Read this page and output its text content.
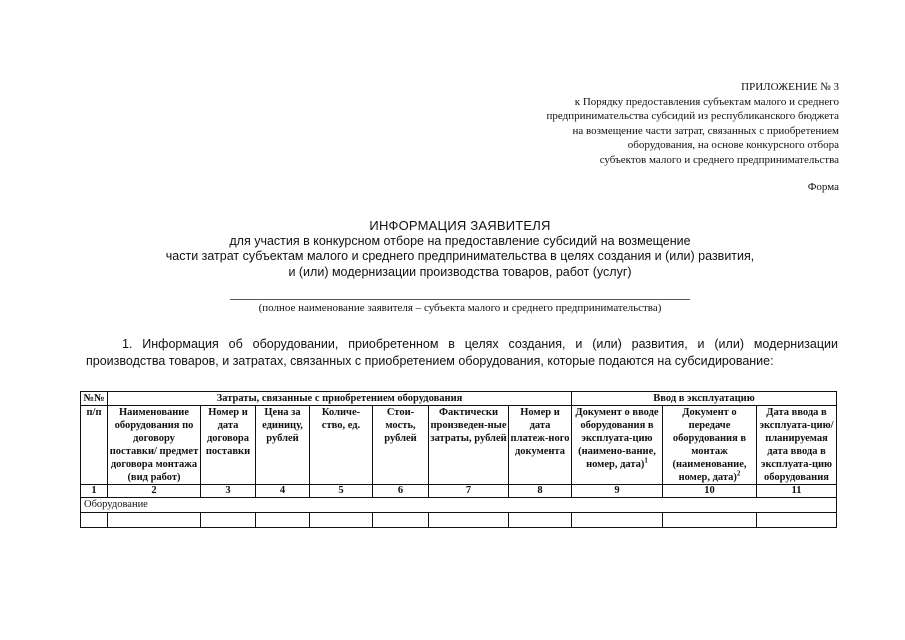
ПРИЛОЖЕНИЕ № 3
к Порядку предоставления субъектам малого и среднего
предпринимательства субсидий из республиканского бюджета
на возмещение части затрат, связанных с приобретением
оборудования, на основе конкурсного отбора
субъектов малого и среднего предпринимательства
Форма
ИНФОРМАЦИЯ ЗАЯВИТЕЛЯ
для участия в конкурсном отборе на предоставление субсидий на возмещение
части затрат субъектам малого и среднего предпринимательства в целях создания и (или) развития,
и (или) модернизации производства товаров, работ (услуг)
(полное наименование заявителя – субъекта малого и среднего предпринимательства)
1. Информация об оборудовании, приобретенном в целях создания, и (или) развития, и (или) модернизации
производства товаров, и затратах, связанных с приобретением оборудования, которые подаются на субсидирование:
№№	Затраты, связанные с приобретением оборудования							Ввод в эксплуатацию		
п/п	Наименование оборудования по договору поставки/ предмет договора монтажа (вид работ)	Номер и дата договора поставки	Цена за единицу, рублей	Количе-ство, ед.	Стои-мость, рублей	Фактически произведен-ные затраты, рублей	Номер и дата платеж-ного документа	Документ о вводе оборудования в эксплуата-цию (наимено-вание, номер, дата)$^1$	Документ о передаче оборудования в монтаж (наименование, номер, дата)$^2$	Дата ввода в эксплуата-цию/ планируемая дата ввода в эксплуата-цию оборудования
1	2	3	4	5	6	7	8	9	10	11
Оборудование										
